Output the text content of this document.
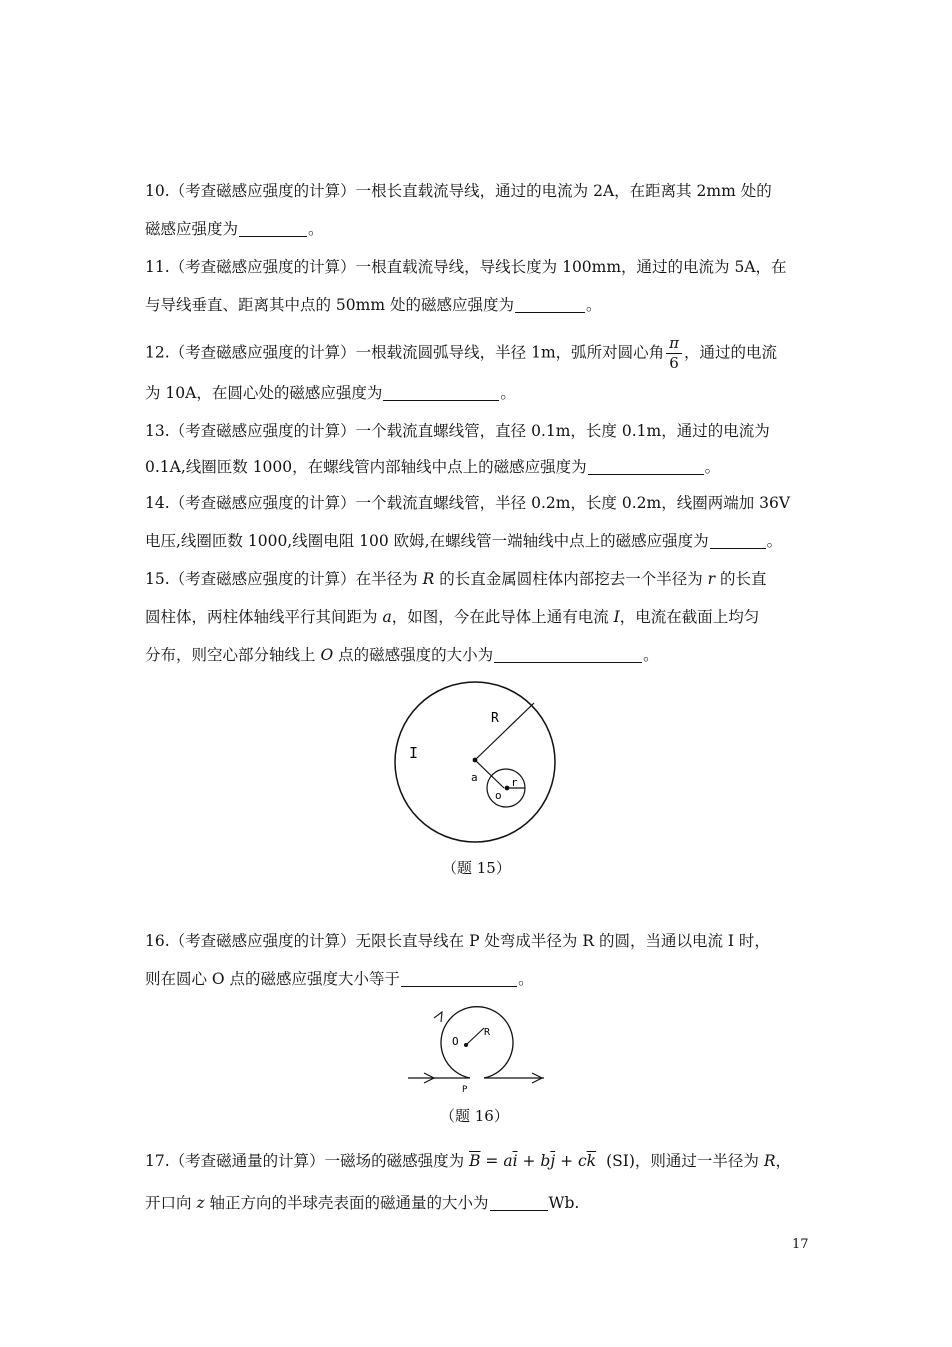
10.（考查磁感应强度的计算）一根长直载流导线，通过的电流为 2A，在距离其 2mm 处的
磁感应强度为	。
11.（考查磁感应强度的计算）一根直载流导线，导线长度为 100mm，通过的电流为 5A，在
与导线垂直、距离其中点的 50mm 处的磁感应强度为	。
12.（考查磁感应强度的计算）一根载流圆弧导线，半径 1m，弧所对圆心角 $\frac{\pi}{6}$ ，通过的电流
为 10A，在圆心处的磁感应强度为	。
13.（考查磁感应强度的计算）一个载流直螺线管，直径 0.1m，长度 0.1m，通过的电流为
0.1A,线圈匝数 1000，在螺线管内部轴线中点上的磁感应强度为	。
14.（考查磁感应强度的计算）一个载流直螺线管，半径 0.2m，长度 0.2m，线圈两端加 36V
电压,线圈匝数 1000,线圈电阻 100 欧姆,在螺线管一端轴线中点上的磁感应强度为	。
15.（考查磁感应强度的计算）在半径为 R 的长直金属圆柱体内部挖去一个半径为 r 的长直
圆柱体，两柱体轴线平行其间距为 a，如图，今在此导体上通有电流 I，电流在截面上均匀
分布，则空心部分轴线上 O 点的磁感强度的大小为	。
R
I
a
o
r
（题 15）
16.（考查磁感应强度的计算）无限长直导线在 P 处弯成半径为 R 的圆，当通以电流 I 时，
则在圆心 O 点的磁感应强度大小等于	。
O
R
P
（题 16）
17.（考查磁通量的计算）一磁场的磁感强度为 $\overline{B} = a\overline{i} + b\overline{j} + c\overline{k}$ (SI)，则通过一半径为 R，
开口向 z 轴正方向的半球壳表面的磁通量的大小为	Wb.
17
